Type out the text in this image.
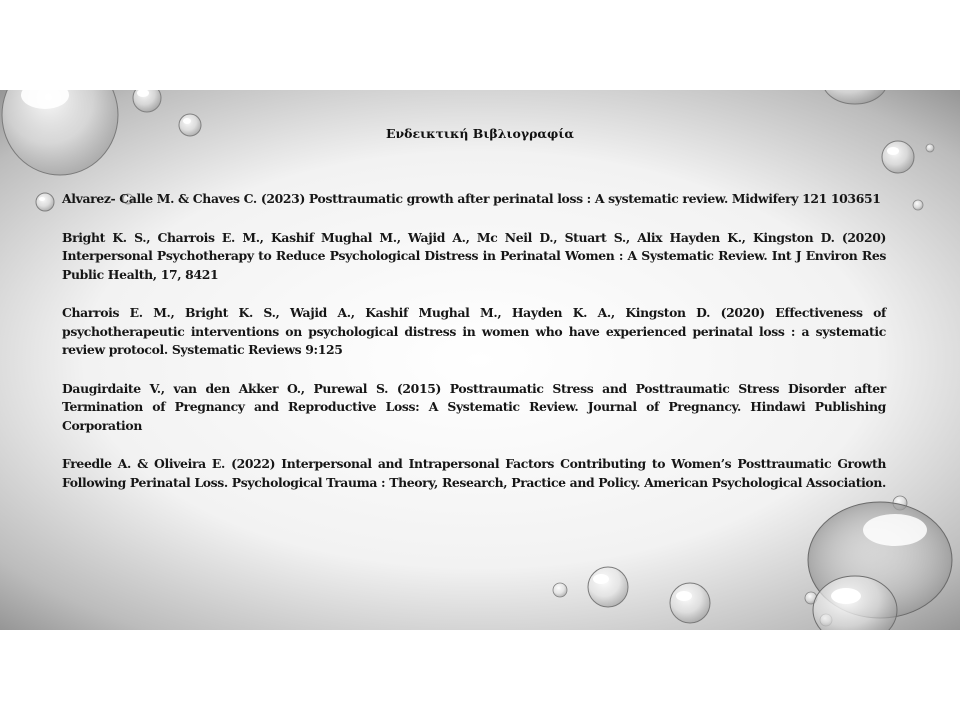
Ενδεικτική Βιβλιογραφία

Alvarez- Calle M. & Chaves C. (2023) Posttraumatic growth after perinatal loss : A systematic review. Midwifery 121 103651

Bright K. S., Charrois E. M., Kashif Mughal M., Wajid A., Mc Neil D., Stuart S., Alix Hayden K., Kingston D. (2020) Interpersonal Psychotherapy to Reduce Psychological Distress in Perinatal Women : A Systematic Review. Int J Environ Res Public Health, 17, 8421

Charrois E. M., Bright K. S., Wajid A., Kashif Mughal M., Hayden K. A., Kingston D. (2020) Effectiveness of psychotherapeutic interventions on psychological distress in women who have experienced perinatal loss : a systematic review protocol. Systematic Reviews 9:125

Daugirdaite V., van den Akker O., Purewal S. (2015) Posttraumatic Stress and Posttraumatic Stress Disorder after Termination of Pregnancy and Reproductive Loss: A Systematic Review. Journal of Pregnancy. Hindawi Publishing Corporation

Freedle A. & Oliveira E. (2022) Interpersonal and Intrapersonal Factors Contributing to Women’s Posttraumatic Growth Following Perinatal Loss. Psychological Trauma : Theory, Research, Practice and Policy. American Psychological Association.
